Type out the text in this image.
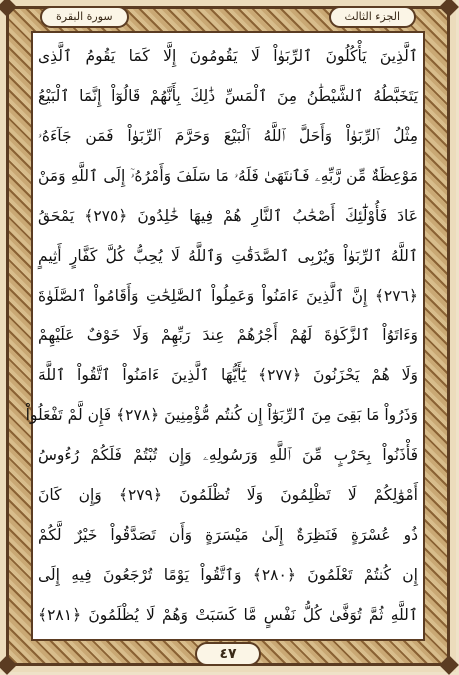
سورة البقرة	الجزء الثالث
ٱلَّذِينَ يَأْكُلُونَ ٱلرِّبَوٰاْ لَا يَقُومُونَ إِلَّا كَمَا يَقُومُ ٱلَّذِى
يَتَخَبَّطُهُ ٱلشَّيْطَٰنُ مِنَ ٱلْمَسِّ ذَٰلِكَ بِأَنَّهُمْ قَالُوٓاْ إِنَّمَا ٱلْبَيْعُ
مِثْلُ ٱلرِّبَوٰاْ وَأَحَلَّ ٱللَّهُ ٱلْبَيْعَ وَحَرَّمَ ٱلرِّبَوٰاْ فَمَن جَآءَهُۥ
مَوْعِظَةٌ مِّن رَّبِّهِۦ فَٱنتَهَىٰ فَلَهُۥ مَا سَلَفَ وَأَمْرُهُۥٓ إِلَى ٱللَّهِ وَمَنْ
عَادَ فَأُوْلَٰٓئِكَ أَصْحَٰبُ ٱلنَّارِ هُمْ فِيهَا خَٰلِدُونَ ﴿٢٧٥﴾ يَمْحَقُ
ٱللَّهُ ٱلرِّبَوٰاْ وَيُرْبِى ٱلصَّدَقَٰتِ وَٱللَّهُ لَا يُحِبُّ كُلَّ كَفَّارٍ أَثِيمٍ
﴿٢٧٦﴾ إِنَّ ٱلَّذِينَ ءَامَنُواْ وَعَمِلُواْ ٱلصَّٰلِحَٰتِ وَأَقَامُواْ ٱلصَّلَوٰةَ
وَءَاتَوُاْ ٱلزَّكَوٰةَ لَهُمْ أَجْرُهُمْ عِندَ رَبِّهِمْ وَلَا خَوْفٌ عَلَيْهِمْ
وَلَا هُمْ يَحْزَنُونَ ﴿٢٧٧﴾ يَٰٓأَيُّهَا ٱلَّذِينَ ءَامَنُواْ ٱتَّقُواْ ٱللَّهَ
وَذَرُواْ مَا بَقِىَ مِنَ ٱلرِّبَوٰٓاْ إِن كُنتُم مُّؤْمِنِينَ ﴿٢٧٨﴾ فَإِن لَّمْ تَفْعَلُواْ
فَأْذَنُواْ بِحَرْبٍ مِّنَ ٱللَّهِ وَرَسُولِهِۦ وَإِن تُبْتُمْ فَلَكُمْ رُءُوسُ
أَمْوَٰلِكُمْ لَا تَظْلِمُونَ وَلَا تُظْلَمُونَ ﴿٢٧٩﴾ وَإِن كَانَ
ذُو عُسْرَةٍ فَنَظِرَةٌ إِلَىٰ مَيْسَرَةٍ وَأَن تَصَدَّقُواْ خَيْرٌ لَّكُمْ
إِن كُنتُمْ تَعْلَمُونَ ﴿٢٨٠﴾ وَٱتَّقُواْ يَوْمًا تُرْجَعُونَ فِيهِ إِلَى
ٱللَّهِ ثُمَّ تُوَفَّىٰ كُلُّ نَفْسٍ مَّا كَسَبَتْ وَهُمْ لَا يُظْلَمُونَ ﴿٢٨١﴾
٤٧
